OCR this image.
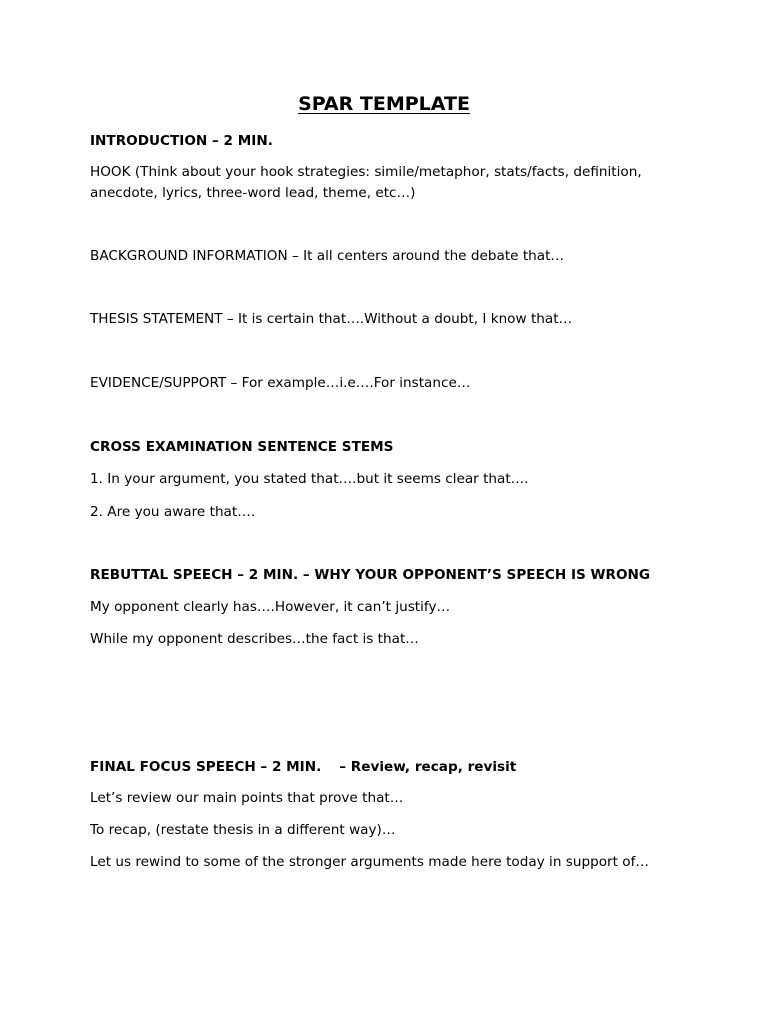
SPAR TEMPLATE
INTRODUCTION – 2 MIN.
HOOK (Think about your hook strategies: simile/metaphor, stats/facts, definition, anecdote, lyrics, three-word lead, theme, etc…)
BACKGROUND INFORMATION – It all centers around the debate that…
THESIS STATEMENT – It is certain that….Without a doubt, I know that…
EVIDENCE/SUPPORT – For example…i.e….For instance…
CROSS EXAMINATION SENTENCE STEMS
1. In your argument, you stated that….but it seems clear that….
2. Are you aware that….
REBUTTAL SPEECH – 2 MIN. – WHY YOUR OPPONENT’S SPEECH IS WRONG
My opponent clearly has….However, it can’t justify…
While my opponent describes…the fact is that…
FINAL FOCUS SPEECH – 2 MIN. – Review, recap, revisit
Let’s review our main points that prove that…
To recap, (restate thesis in a different way)…
Let us rewind to some of the stronger arguments made here today in support of…
